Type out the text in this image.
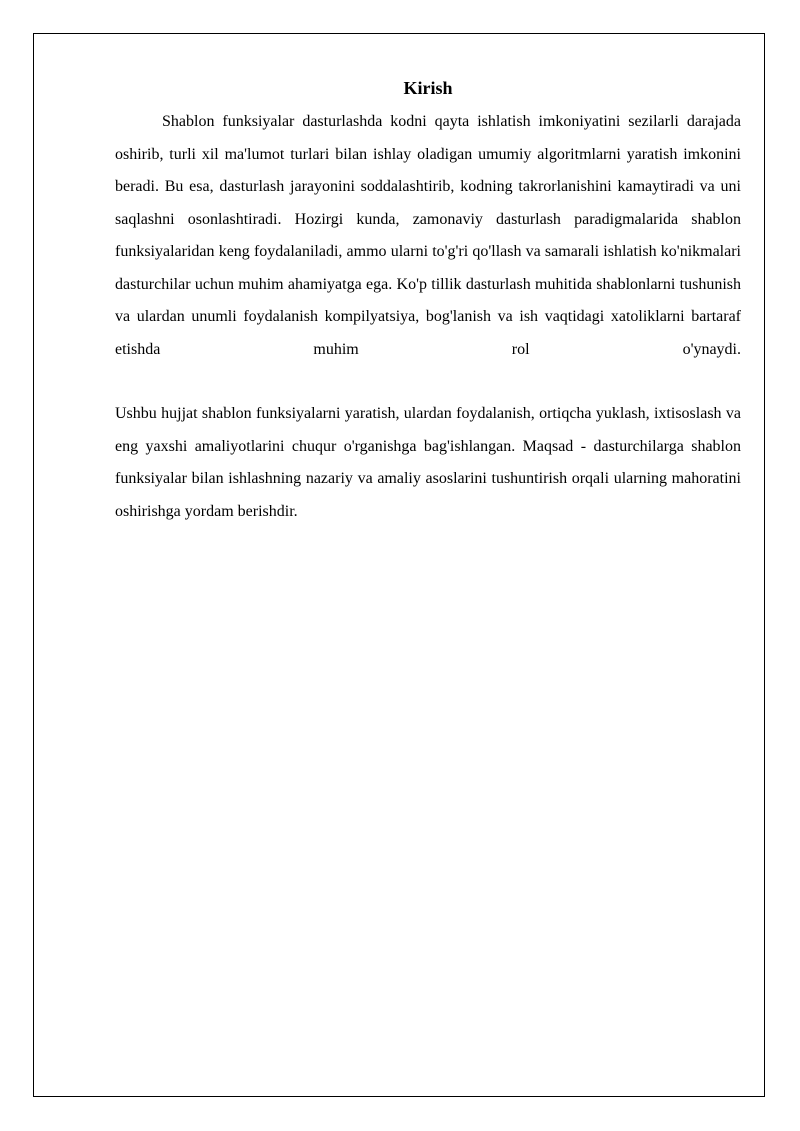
Kirish

Shablon funksiyalar dasturlashda kodni qayta ishlatish imkoniyatini sezilarli darajada oshirib, turli xil ma'lumot turlari bilan ishlay oladigan umumiy algoritmlarni yaratish imkonini beradi. Bu esa, dasturlash jarayonini soddalashtirib, kodning takrorlanishini kamaytiradi va uni saqlashni osonlashtiradi. Hozirgi kunda, zamonaviy dasturlash paradigmalarida shablon funksiyalaridan keng foydalaniladi, ammo ularni to'g'ri qo'llash va samarali ishlatish ko'nikmalari dasturchilar uchun muhim ahamiyatga ega. Ko'p tillik dasturlash muhitida shablonlarni tushunish va ulardan unumli foydalanish kompilyatsiya, bog'lanish va ish vaqtidagi xatoliklarni bartaraf etishda muhim rol o'ynaydi.

Ushbu hujjat shablon funksiyalarni yaratish, ulardan foydalanish, ortiqcha yuklash, ixtisoslash va eng yaxshi amaliyotlarini chuqur o'rganishga bag'ishlangan. Maqsad - dasturchilarga shablon funksiyalar bilan ishlashning nazariy va amaliy asoslarini tushuntirish orqali ularning mahoratini oshirishga yordam berishdir.
